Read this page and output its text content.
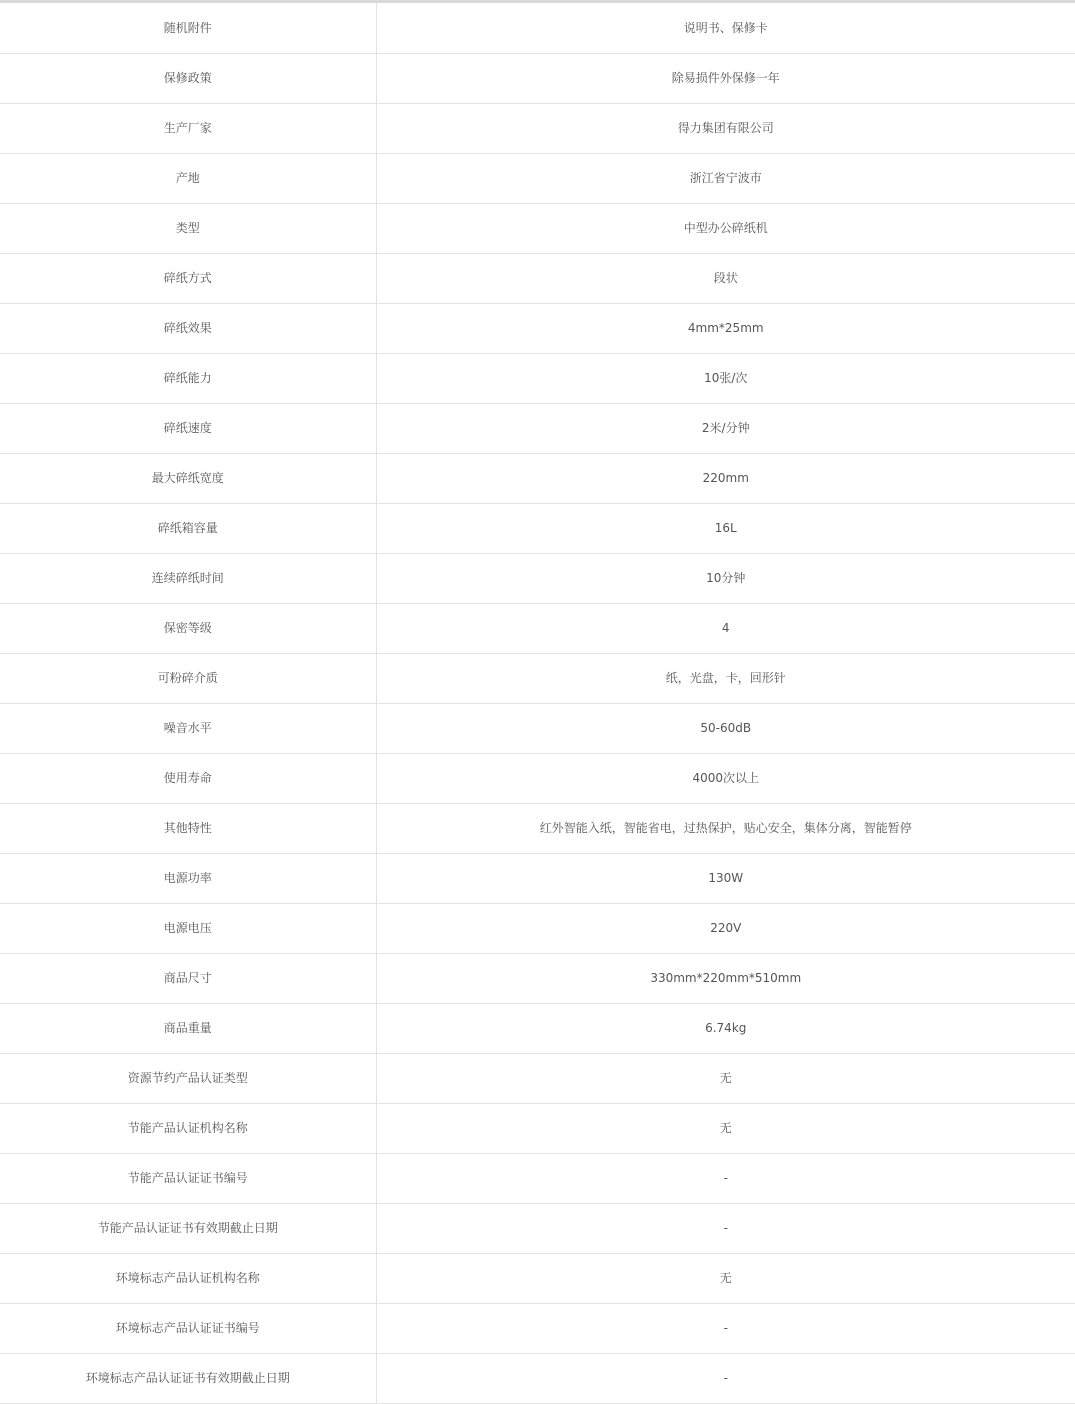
随机附件	说明书、保修卡
保修政策	除易损件外保修一年
生产厂家	得力集团有限公司
产地	浙江省宁波市
类型	中型办公碎纸机
碎纸方式	段状
碎纸效果	4mm*25mm
碎纸能力	10张/次
碎纸速度	2米/分钟
最大碎纸宽度	220mm
碎纸箱容量	16L
连续碎纸时间	10分钟
保密等级	4
可粉碎介质	纸，光盘，卡，回形针
噪音水平	50-60dB
使用寿命	4000次以上
其他特性	红外智能入纸，智能省电，过热保护，贴心安全，集体分离，智能暂停
电源功率	130W
电源电压	220V
商品尺寸	330mm*220mm*510mm
商品重量	6.74kg
资源节约产品认证类型	无
节能产品认证机构名称	无
节能产品认证证书编号	-
节能产品认证证书有效期截止日期	-
环境标志产品认证机构名称	无
环境标志产品认证证书编号	-
环境标志产品认证证书有效期截止日期	-
